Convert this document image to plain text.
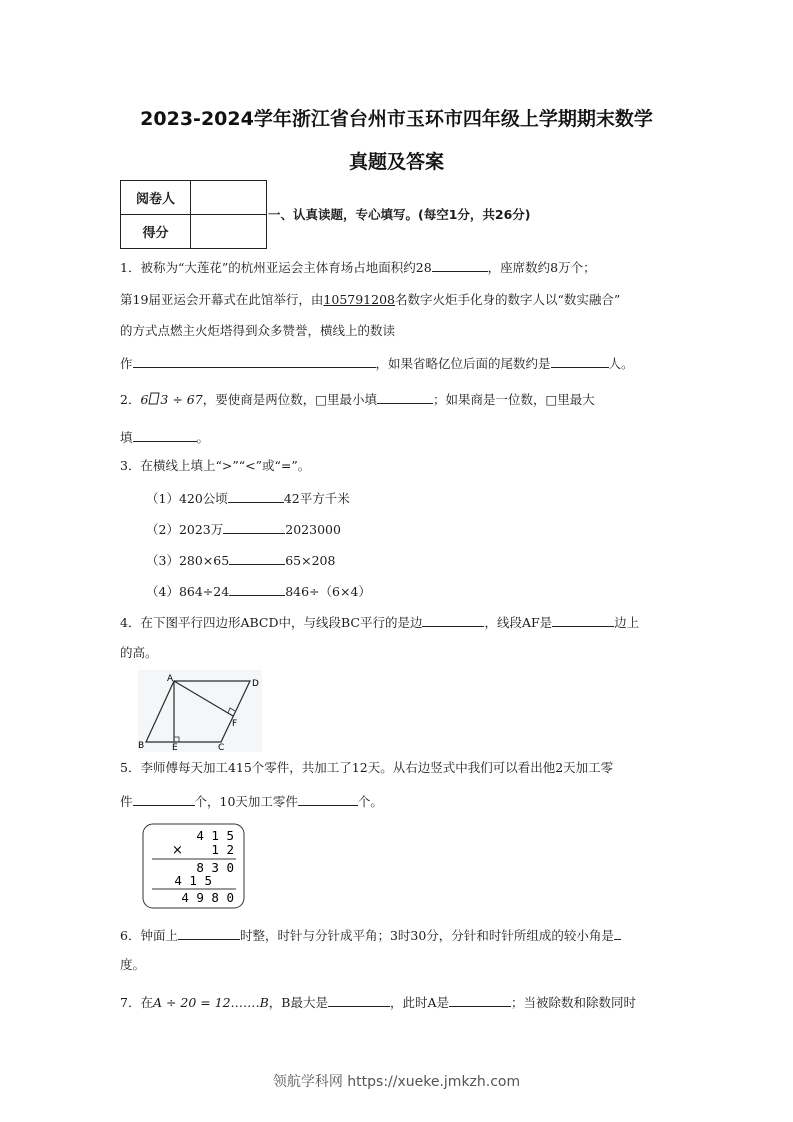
2023-2024学年浙江省台州市玉环市四年级上学期期末数学
真题及答案
阅卷人	
得分	
一、认真读题，专心填写。(每空1分，共26分)
1．被称为“大莲花”的杭州亚运会主体育场占地面积约28	，座席数约8万个；
第19届亚运会开幕式在此馆举行，由105791208名数字火炬手化身的数字人以“数实融合”
的方式点燃主火炬塔得到众多赞誉，横线上的数读
作	，如果省略亿位后面的尾数约是	人。
2．6 3 ÷ 67，要使商是两位数，□里最小填	；如果商是一位数，□里最大
填	。
3．在横线上填上“>”“<”或“=”。
（1）420公顷	42平方千米
（2）2023万	2023000
（3）280×65	65×208
（4）864÷24	846÷（6×4）
4．在下图平行四边形ABCD中，与线段BC平行的是边	，线段AF是	边上
的高。
A	D
B	E	C
F
5．李师傅每天加工415个零件，共加工了12天。从右边竖式中我们可以看出他2天加工零
件	个，10天加工零件	个。
4 1 5
× 1 2
8 3 0
4 1 5
4 9 8 0
6．钟面上	时整，时针与分针成平角；3时30分，分针和时针所组成的较小角是
度。
7．在A ÷ 20 = 12.……B，B最大是	，此时A是	；当被除数和除数同时
领航学科网 https://xueke.jmkzh.com
